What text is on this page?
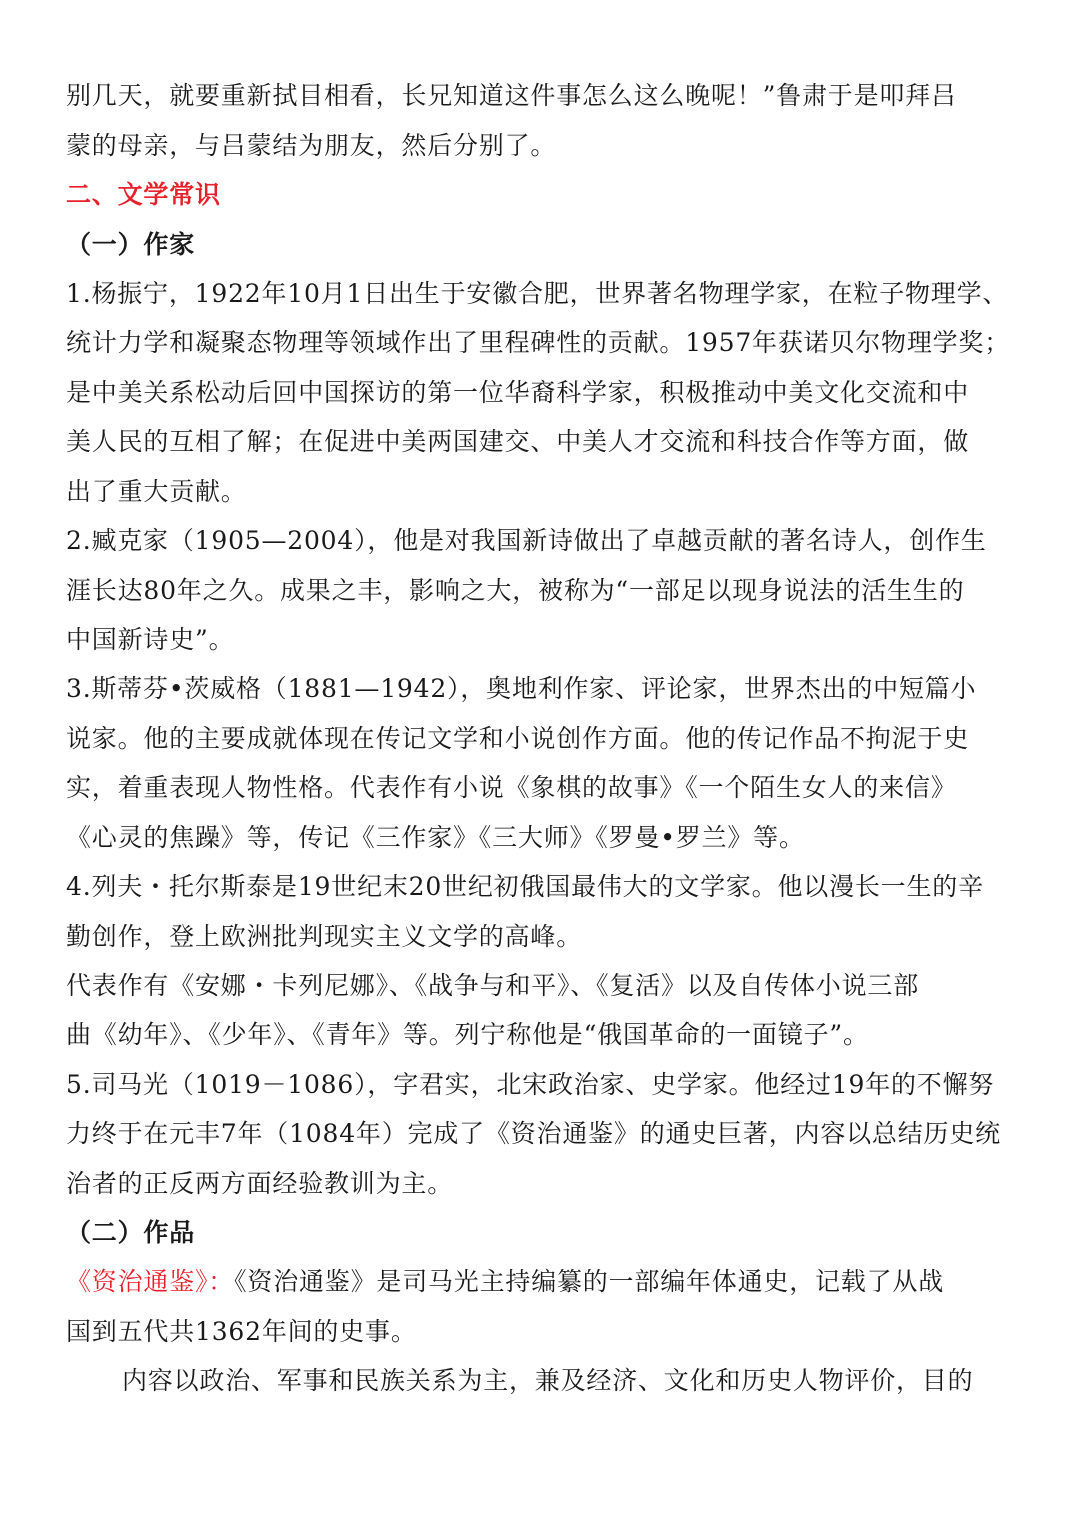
别几天，就要重新拭目相看，长兄知道这件事怎么这么晚呢！”鲁肃于是叩拜吕
蒙的母亲，与吕蒙结为朋友，然后分别了。
二、文学常识
（一）作家
1.杨振宁，1922年10月1日出生于安徽合肥，世界著名物理学家，在粒子物理学、
统计力学和凝聚态物理等领域作出了里程碑性的贡献。1957年获诺贝尔物理学奖；
是中美关系松动后回中国探访的第一位华裔科学家，积极推动中美文化交流和中
美人民的互相了解；在促进中美两国建交、中美人才交流和科技合作等方面，做
出了重大贡献。
2.臧克家（1905—2004），他是对我国新诗做出了卓越贡献的著名诗人，创作生
涯长达80年之久。成果之丰，影响之大，被称为“一部足以现身说法的活生生的
中国新诗史”。
3.斯蒂芬•茨威格（1881—1942），奥地利作家、评论家，世界杰出的中短篇小
说家。他的主要成就体现在传记文学和小说创作方面。他的传记作品不拘泥于史
实，着重表现人物性格。代表作有小说《象棋的故事》《一个陌生女人的来信》
《心灵的焦躁》等，传记《三作家》《三大师》《罗曼•罗兰》等。
4.列夫・托尔斯泰是19世纪末20世纪初俄国最伟大的文学家。他以漫长一生的辛
勤创作，登上欧洲批判现实主义文学的高峰。
代表作有《安娜・卡列尼娜》、《战争与和平》、《复活》以及自传体小说三部
曲《幼年》、《少年》、《青年》等。列宁称他是“俄国革命的一面镜子”。
5.司马光（1019－1086），字君实，北宋政治家、史学家。他经过19年的不懈努
力终于在元丰7年（1084年）完成了《资治通鉴》的通史巨著，内容以总结历史统
治者的正反两方面经验教训为主。
（二）作品
《资治通鉴》：《资治通鉴》是司马光主持编纂的一部编年体通史，记载了从战
国到五代共1362年间的史事。
内容以政治、军事和民族关系为主，兼及经济、文化和历史人物评价，目的
